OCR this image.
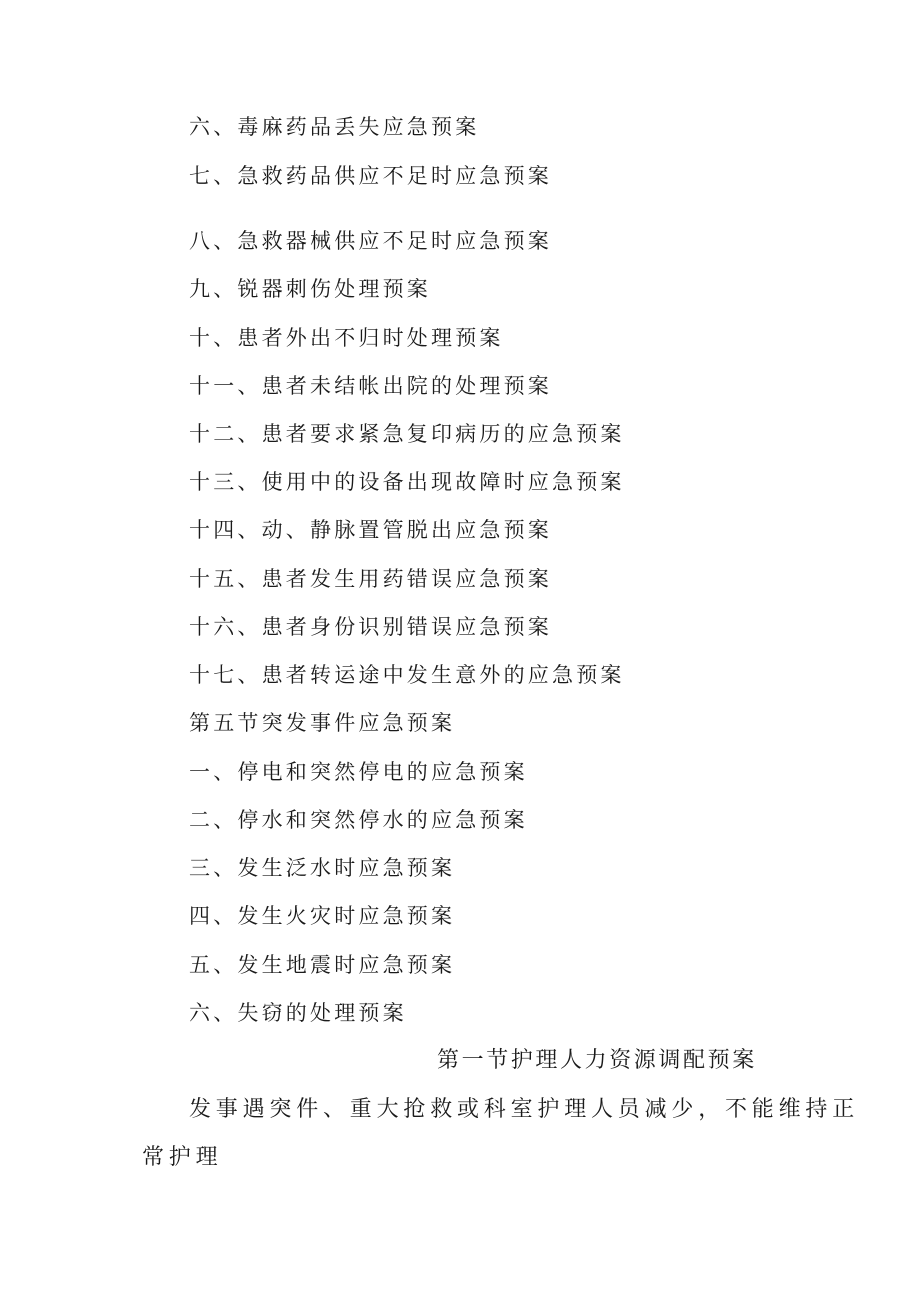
六、毒麻药品丢失应急预案
七、急救药品供应不足时应急预案
八、急救器械供应不足时应急预案
九、锐器刺伤处理预案
十、患者外出不归时处理预案
十一、患者未结帐出院的处理预案
十二、患者要求紧急复印病历的应急预案
十三、使用中的设备出现故障时应急预案
十四、动、静脉置管脱出应急预案
十五、患者发生用药错误应急预案
十六、患者身份识别错误应急预案
十七、患者转运途中发生意外的应急预案
第五节突发事件应急预案
一、停电和突然停电的应急预案
二、停水和突然停水的应急预案
三、发生泛水时应急预案
四、发生火灾时应急预案
五、发生地震时应急预案
六、失窃的处理预案
第一节护理人力资源调配预案
发事遇突件、重大抢救或科室护理人员减少，不能维持正
常护理
